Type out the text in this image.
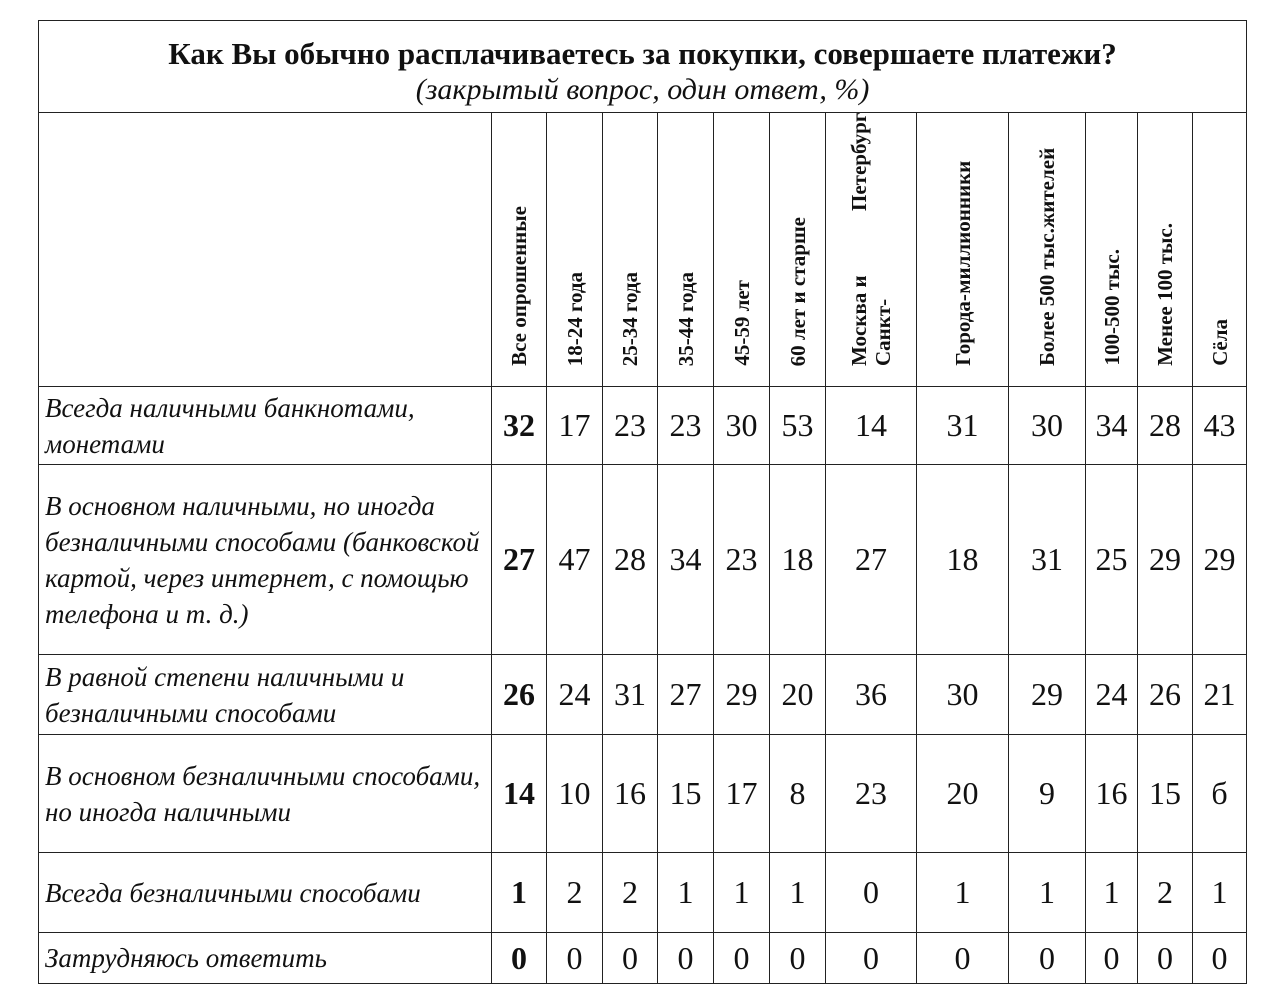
Как Вы обычно расплачиваетесь за покупки, совершаете платежи?
(закрытый вопрос, один ответ, %)												

	Все опрошенные	18-24 года	25-34 года	35-44 года	45-59 лет	60 лет и старше	Москва и Санкт-
Петербург	Города-
миллионники	Более 500 тыс.
жителей	100-500 тыс.	Менее 100 тыс.	Сёла

Всегда наличными банкнотами, монетами	32	17	23	23	30	53	14	31	30	34	28	43
В основном наличными, но иногда безналичными способами (банковской картой, через интернет, с помощью телефона и т. д.)	27	47	28	34	23	18	27	18	31	25	29	29
В равной степени наличными и безналичными способами	26	24	31	27	29	20	36	30	29	24	26	21
В основном безналичными способами, но иногда наличными	14	10	16	15	17	8	23	20	9	16	15	б
Всегда безналичными способами	1	2	2	1	1	1	0	1	1	1	2	1
Затрудняюсь ответить	0	0	0	0	0	0	0	0	0	0	0	0
